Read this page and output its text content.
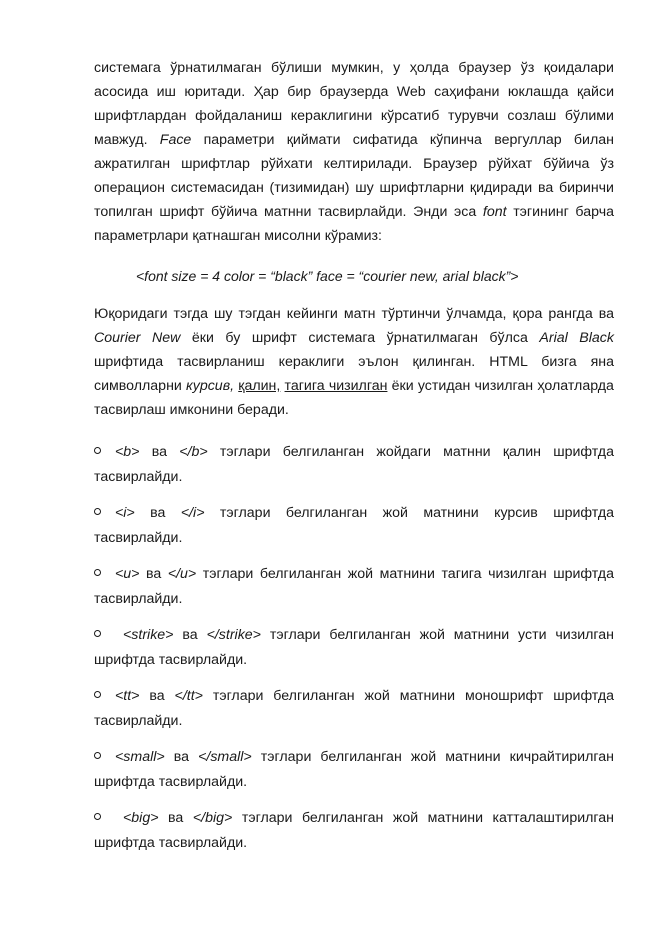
системага ўрнатилмаган бўлиши мумкин, у ҳолда браузер ўз қоидалари асосида иш юритади. Ҳар бир браузерда Web саҳифани юклашда қайси шрифтлардан фойдаланиш кераклигини кўрсатиб турувчи созлаш бўлими мавжуд. Face параметри қиймати сифатида кўпинча вергуллар билан ажратилган шрифтлар рўйхати келтирилади. Браузер рўйхат бўйича ўз операцион системасидан (тизимидан) шу шрифтларни қидиради ва биринчи топилган шрифт бўйича матнни тасвирлайди. Энди эса font тэгининг барча параметрлари қатнашган мисолни кўрамиз:

<font size = 4 color = “black” face = “courier new, arial black”>

Юқоридаги тэгда шу тэгдан кейинги матн тўртинчи ўлчамда, қора рангда ва Courier New ёки бу шрифт системага ўрнатилмаган бўлса Arial Black шрифтида тасвирланиш кераклиги эълон қилинган. HTML бизга яна символларни курсив, қалин, тагига чизилган ёки устидан чизилган ҳолатларда тасвирлаш имконини беради.

<b> ва </b> тэглари белгиланган жойдаги матнни қалин шрифтда тасвирлайди.
<i> ва </i> тэглари белгиланган жой матнини курсив шрифтда тасвирлайди.
<u> ва </u> тэглари белгиланган жой матнини тагига чизилган шрифтда тасвирлайди.
<strike> ва </strike> тэглари белгиланган жой матнини усти чизилган шрифтда тасвирлайди.
<tt> ва </tt> тэглари белгиланган жой матнини моношрифт шрифтда тасвирлайди.
<small> ва </small> тэглари белгиланган жой матнини кичрайтирилган шрифтда тасвирлайди.
<big> ва </big> тэглари белгиланган жой матнини катталаштирилган шрифтда тасвирлайди.
